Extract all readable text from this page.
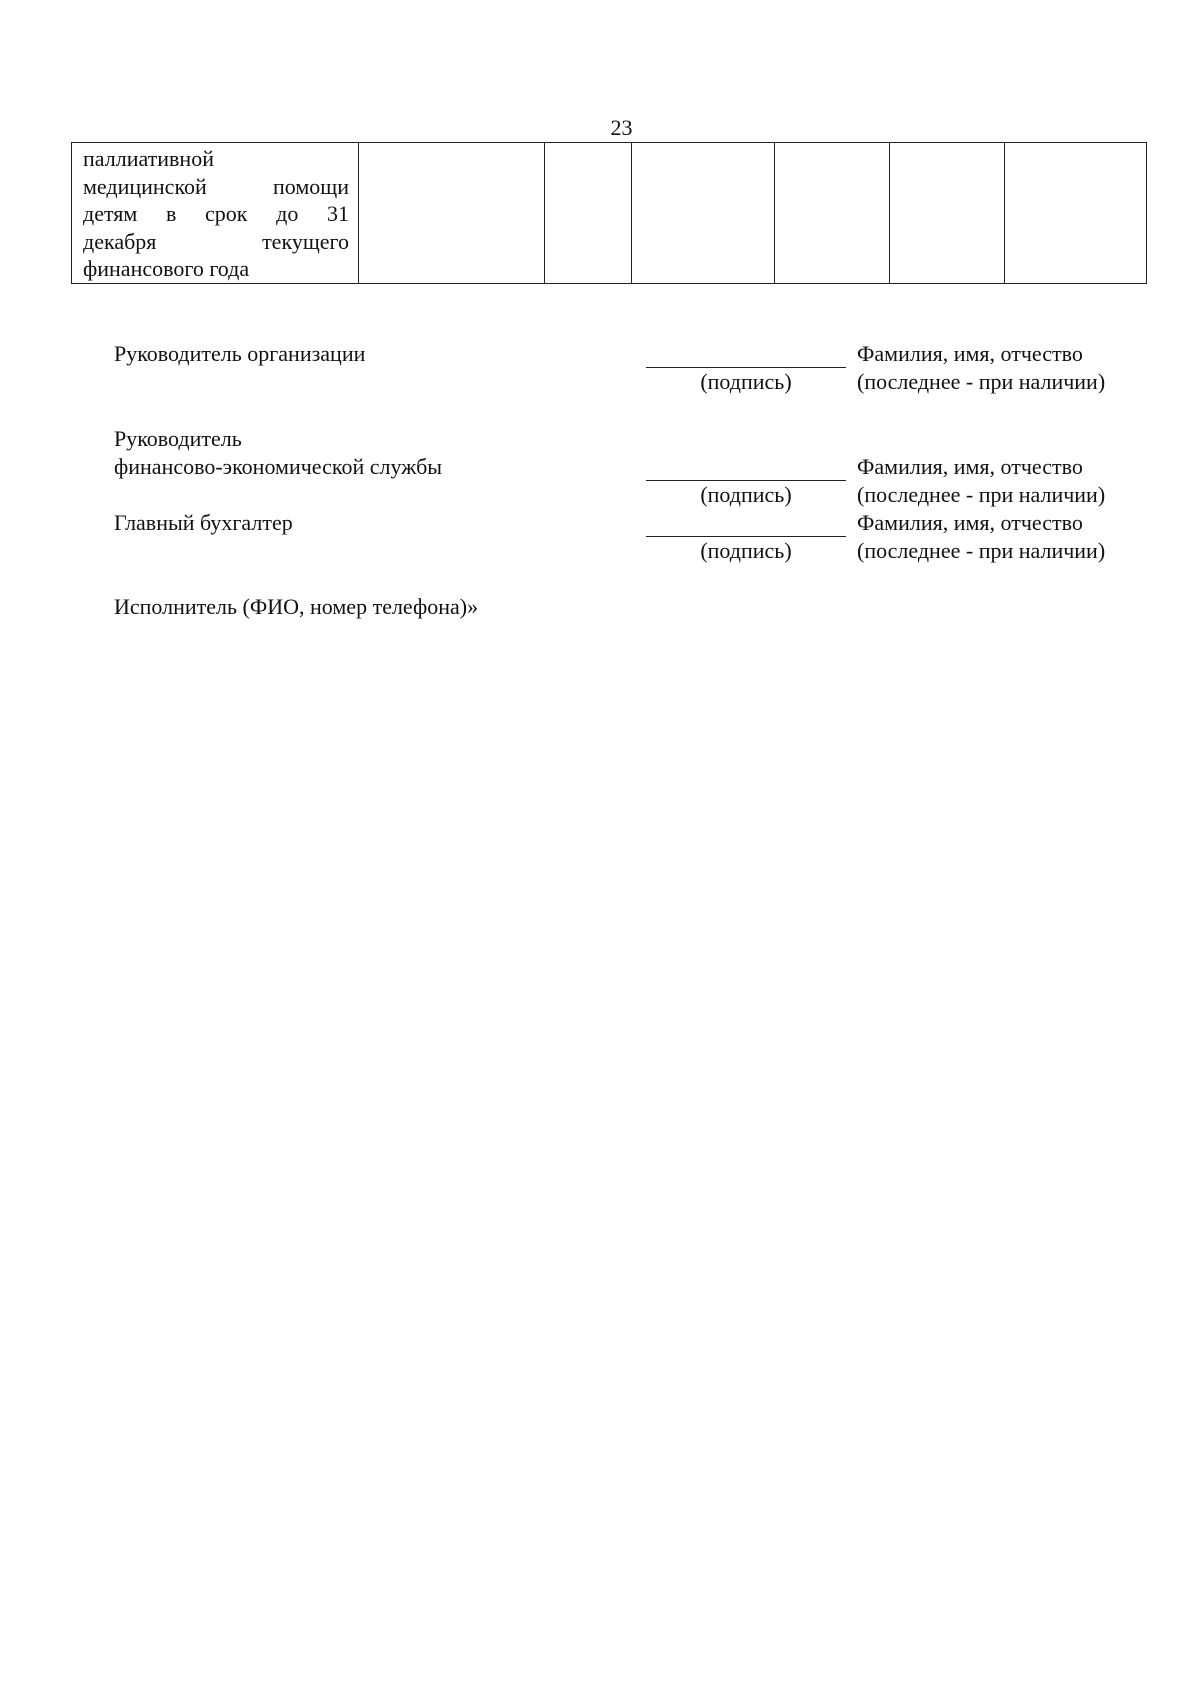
23
паллиативной
медицинской помощи
детям в срок до 31
декабря текущего
финансового года

Руководитель организации
(подпись)
Фамилия, имя, отчество
(последнее - при наличии)
Руководитель
финансово-экономической службы
(подпись)
Фамилия, имя, отчество
(последнее - при наличии)
Главный бухгалтер
(подпись)
Фамилия, имя, отчество
(последнее - при наличии)
Исполнитель (ФИО, номер телефона)»
